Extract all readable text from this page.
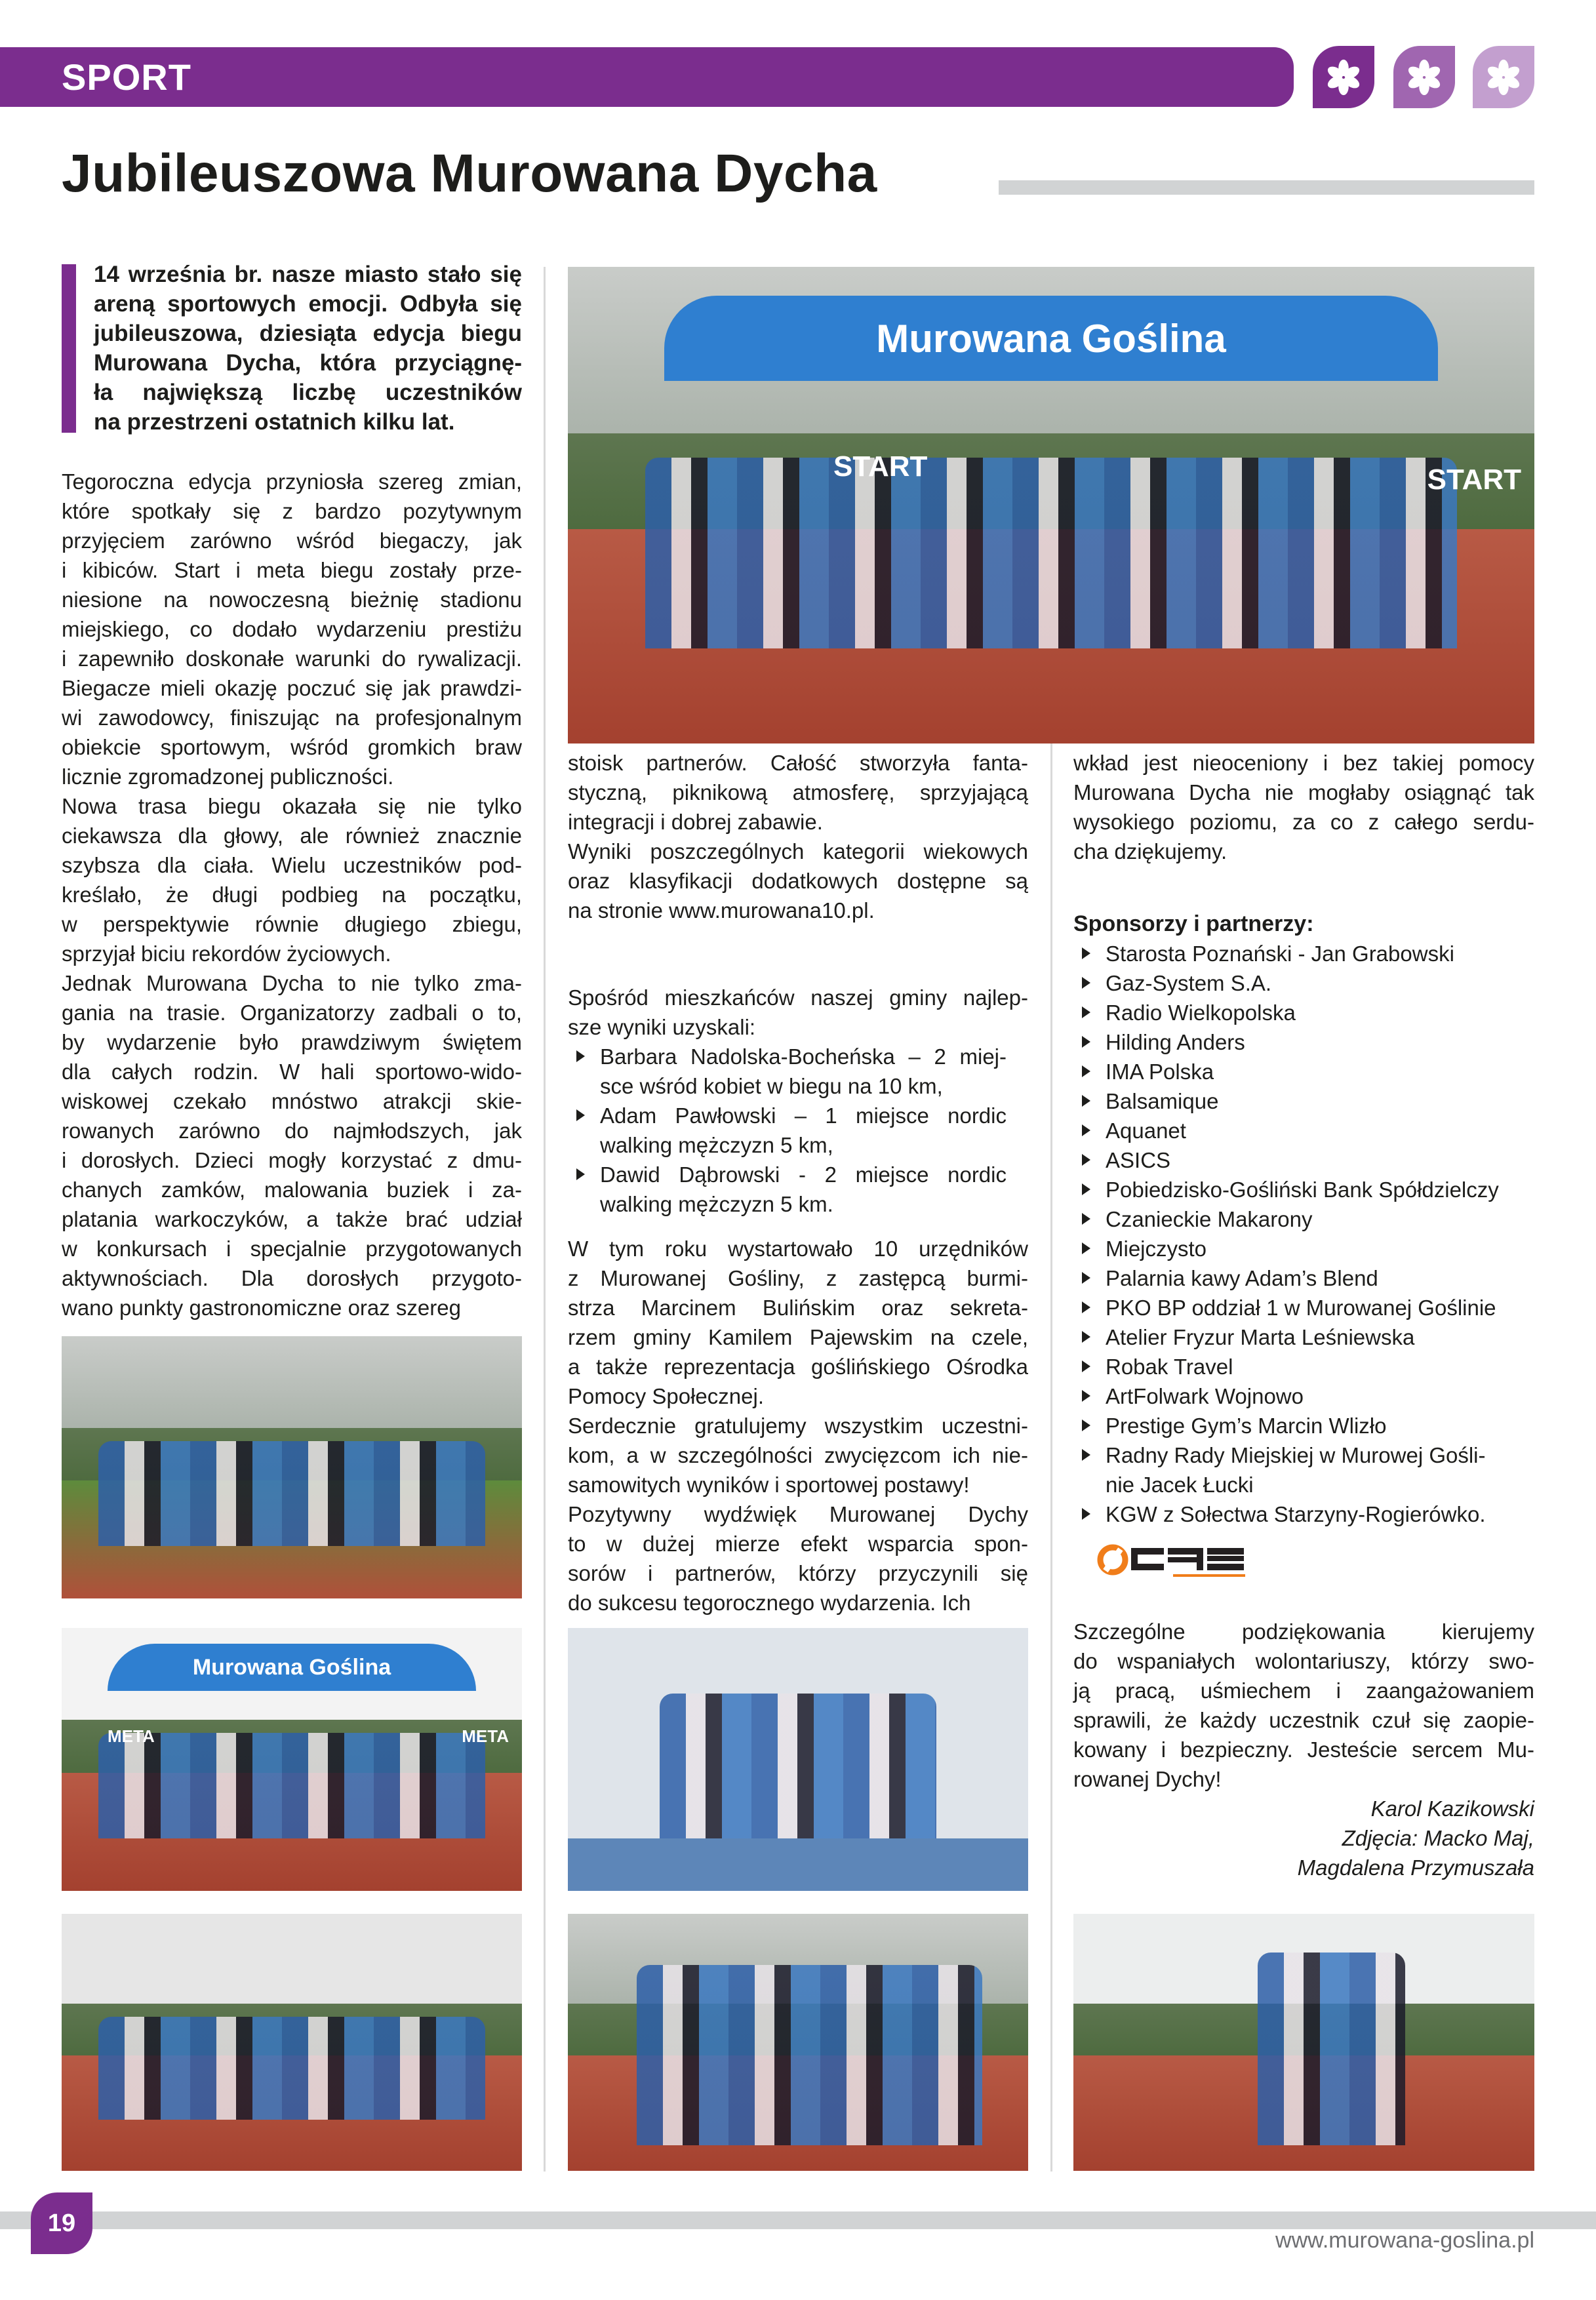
SPORT
Jubileuszowa Murowana Dycha
14 września br. nasze miasto stało się
areną sportowych emocji. Odbyła się
jubileuszowa, dziesiąta edycja biegu
Murowana Dycha, która przyciągnę-
ła największą liczbę uczestników
na przestrzeni ostatnich kilku lat.
Tegoroczna edycja przyniosła szereg zmian,
które spotkały się z bardzo pozytywnym
przyjęciem zarówno wśród biegaczy, jak
i kibiców. Start i meta biegu zostały prze-
niesione na nowoczesną bieżnię stadionu
miejskiego, co dodało wydarzeniu prestiżu
i zapewniło doskonałe warunki do rywalizacji.
Biegacze mieli okazję poczuć się jak prawdzi-
wi zawodowcy, finiszując na profesjonalnym
obiekcie sportowym, wśród gromkich braw
licznie zgromadzonej publiczności.
Nowa trasa biegu okazała się nie tylko
ciekawsza dla głowy, ale również znacznie
szybsza dla ciała. Wielu uczestników pod-
kreślało, że długi podbieg na początku,
w perspektywie równie długiego zbiegu,
sprzyjał biciu rekordów życiowych.
Jednak Murowana Dycha to nie tylko zma-
gania na trasie. Organizatorzy zadbali o to,
by wydarzenie było prawdziwym świętem
dla całych rodzin. W hali sportowo-wido-
wiskowej czekało mnóstwo atrakcji skie-
rowanych zarówno do najmłodszych, jak
i dorosłych. Dzieci mogły korzystać z dmu-
chanych zamków, malowania buziek i za-
platania warkoczyków, a także brać udział
w konkursach i specjalnie przygotowanych
aktywnościach. Dla dorosłych przygoto-
wano punkty gastronomiczne oraz szereg
stoisk partnerów. Całość stworzyła fanta-
styczną, piknikową atmosferę, sprzyjającą
integracji i dobrej zabawie.
Wyniki poszczególnych kategorii wiekowych
oraz klasyfikacji dodatkowych dostępne są
na stronie www.murowana10.pl.
Spośród mieszkańców naszej gminy najlep-
sze wyniki uzyskali:
Barbara Nadolska-Bocheńska – 2 miej-
sce wśród kobiet w biegu na 10 km,
Adam Pawłowski – 1 miejsce nordic
walking mężczyzn 5 km,
Dawid Dąbrowski - 2 miejsce nordic
walking mężczyzn 5 km.
W tym roku wystartowało 10 urzędników
z Murowanej Gośliny, z zastępcą burmi-
strza Marcinem Bulińskim oraz sekreta-
rzem gminy Kamilem Pajewskim na czele,
a także reprezentacja goślińskiego Ośrodka
Pomocy Społecznej.
Serdecznie gratulujemy wszystkim uczestni-
kom, a w szczególności zwycięzcom ich nie-
samowitych wyników i sportowej postawy!
Pozytywny wydźwięk Murowanej Dychy
to w dużej mierze efekt wsparcia spon-
sorów i partnerów, którzy przyczynili się
do sukcesu tegorocznego wydarzenia. Ich
wkład jest nieoceniony i bez takiej pomocy
Murowana Dycha nie mogłaby osiągnąć tak
wysokiego poziomu, za co z całego serdu-
cha dziękujemy.
Sponsorzy i partnerzy:
Starosta Poznański - Jan Grabowski
Gaz-System S.A.
Radio Wielkopolska
Hilding Anders
IMA Polska
Balsamique
Aquanet
ASICS
Pobiedzisko-Gośliński Bank Spółdzielczy
Czanieckie Makarony
Miejczysto
Palarnia kawy Adam’s Blend
PKO BP oddział 1 w Murowanej Goślinie
Atelier Fryzur Marta Leśniewska
Robak Travel
ArtFolwark Wojnowo
Prestige Gym’s Marcin Wlizło
Radny Rady Miejskiej w Murowej Gośli-
nie Jacek Łucki
KGW z Sołectwa Starzyny-Rogierówko.
Szczególne podziękowania kierujemy
do wspaniałych wolontariuszy, którzy swo-
ją pracą, uśmiechem i zaangażowaniem
sprawili, że każdy uczestnik czuł się zaopie-
kowany i bezpieczny. Jesteście sercem Mu-
rowanej Dychy!
Karol Kazikowski
Zdjęcia: Macko Maj,
Magdalena Przymuszała
Murowana Goślina
START	START
Murowana Goślina
META	META
19
www.murowana-goslina.pl
